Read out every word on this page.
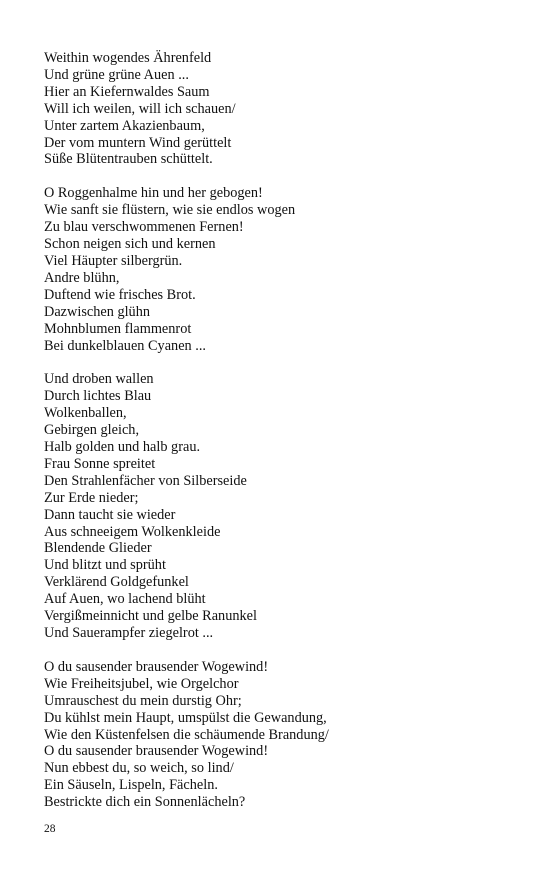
Weithin wogendes Ährenfeld
Und grüne grüne Auen ...
Hier an Kiefernwaldes Saum
Will ich weilen, will ich schauen/
Unter zartem Akazienbaum,
Der vom muntern Wind gerüttelt
Süße Blütentrauben schüttelt.
O Roggenhalme hin und her gebogen!
Wie sanft sie flüstern, wie sie endlos wogen
Zu blau verschwommenen Fernen!
Schon neigen sich und kernen
Viel Häupter silbergrün.
Andre blühn,
Duftend wie frisches Brot.
Dazwischen glühn
Mohnblumen flammenrot
Bei dunkelblauen Cyanen ...
Und droben wallen
Durch lichtes Blau
Wolkenballen,
Gebirgen gleich,
Halb golden und halb grau.
Frau Sonne spreitet
Den Strahlenfächer von Silberseide
Zur Erde nieder;
Dann taucht sie wieder
Aus schneeigem Wolkenkleide
Blendende Glieder
Und blitzt und sprüht
Verklärend Goldgefunkel
Auf Auen, wo lachend blüht
Vergißmeinnicht und gelbe Ranunkel
Und Sauerampfer ziegelrot ...
O du sausender brausender Wogewind!
Wie Freiheitsjubel, wie Orgelchor
Umrauschest du mein durstig Ohr;
Du kühlst mein Haupt, umspülst die Gewandung,
Wie den Küstenfelsen die schäumende Brandung/
O du sausender brausender Wogewind!
Nun ebbest du, so weich, so lind/
Ein Säuseln, Lispeln, Fächeln.
Bestrickte dich ein Sonnenlächeln?
28
